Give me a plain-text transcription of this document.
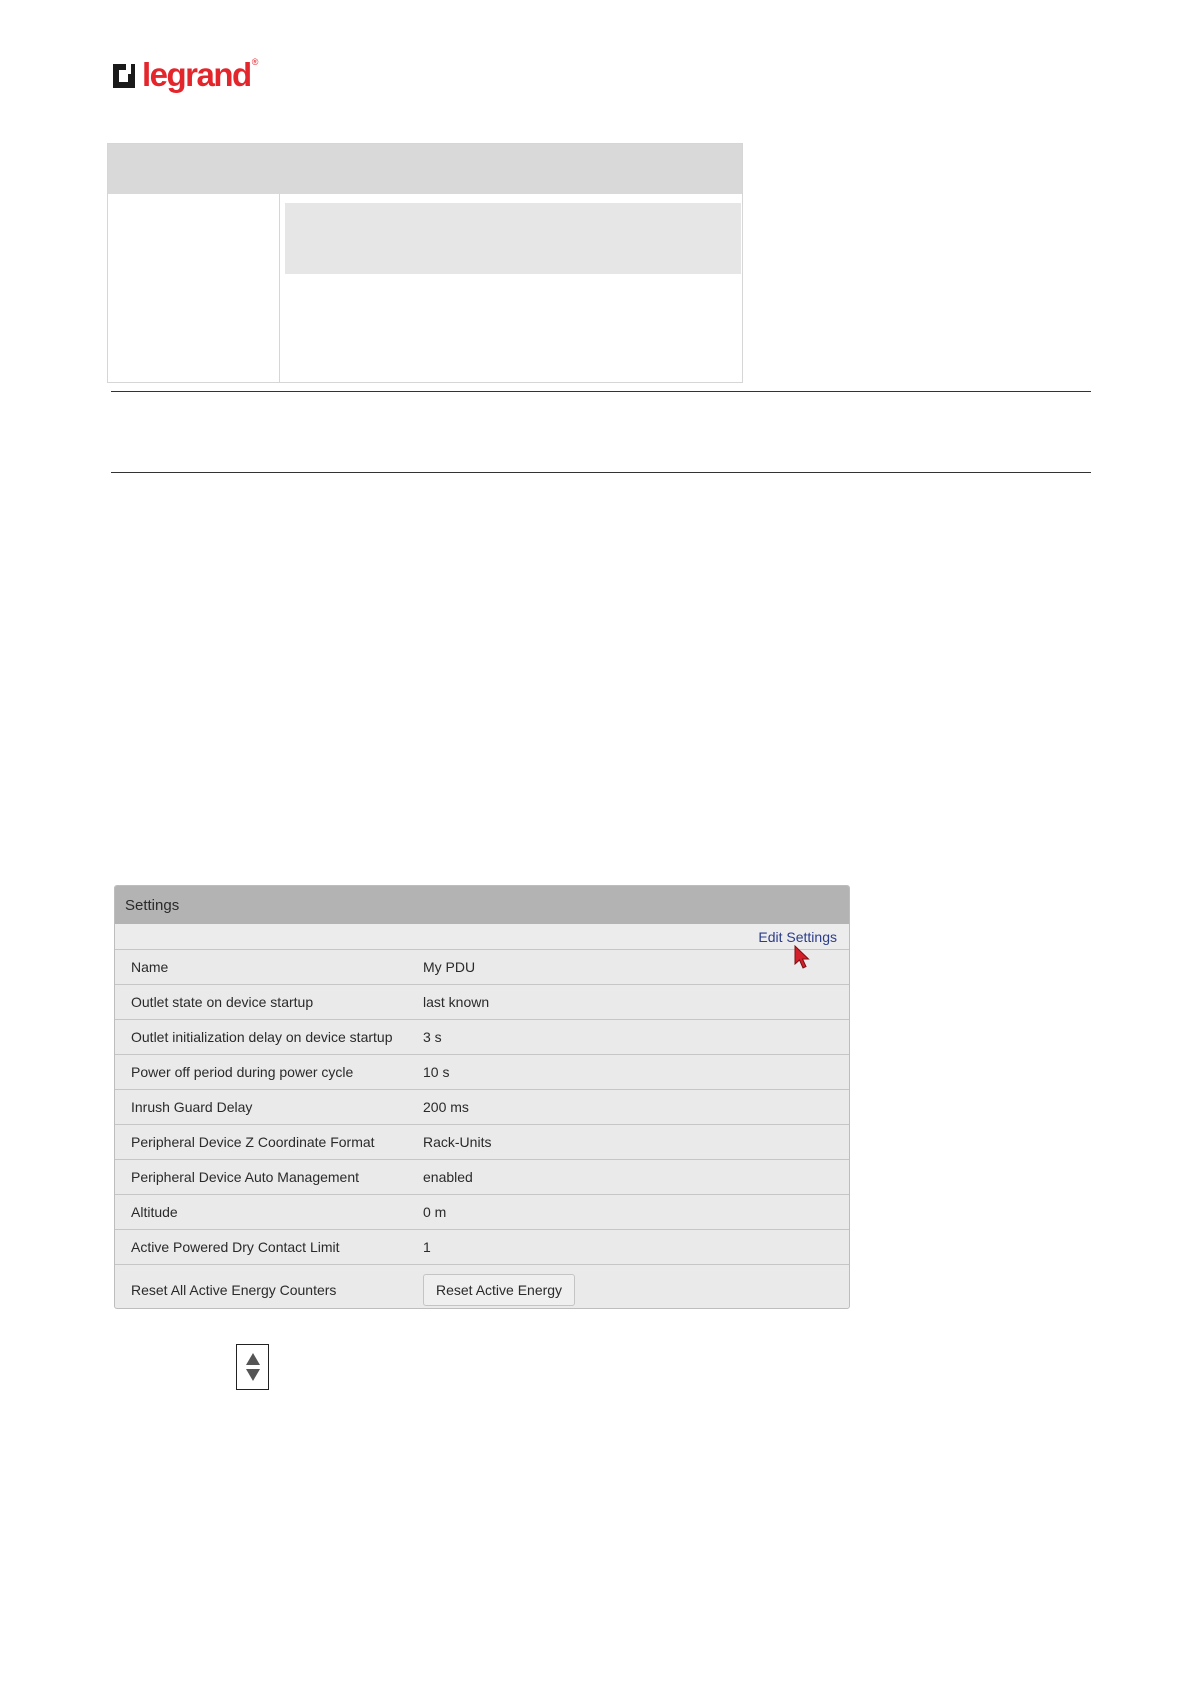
legrand ®
Settings
Edit Settings
Name	My PDU
Outlet state on device startup	last known
Outlet initialization delay on device startup	3 s
Power off period during power cycle	10 s
Inrush Guard Delay	200 ms
Peripheral Device Z Coordinate Format	Rack-Units
Peripheral Device Auto Management	enabled
Altitude	0 m
Active Powered Dry Contact Limit	1
Reset All Active Energy Counters	Reset Active Energy
